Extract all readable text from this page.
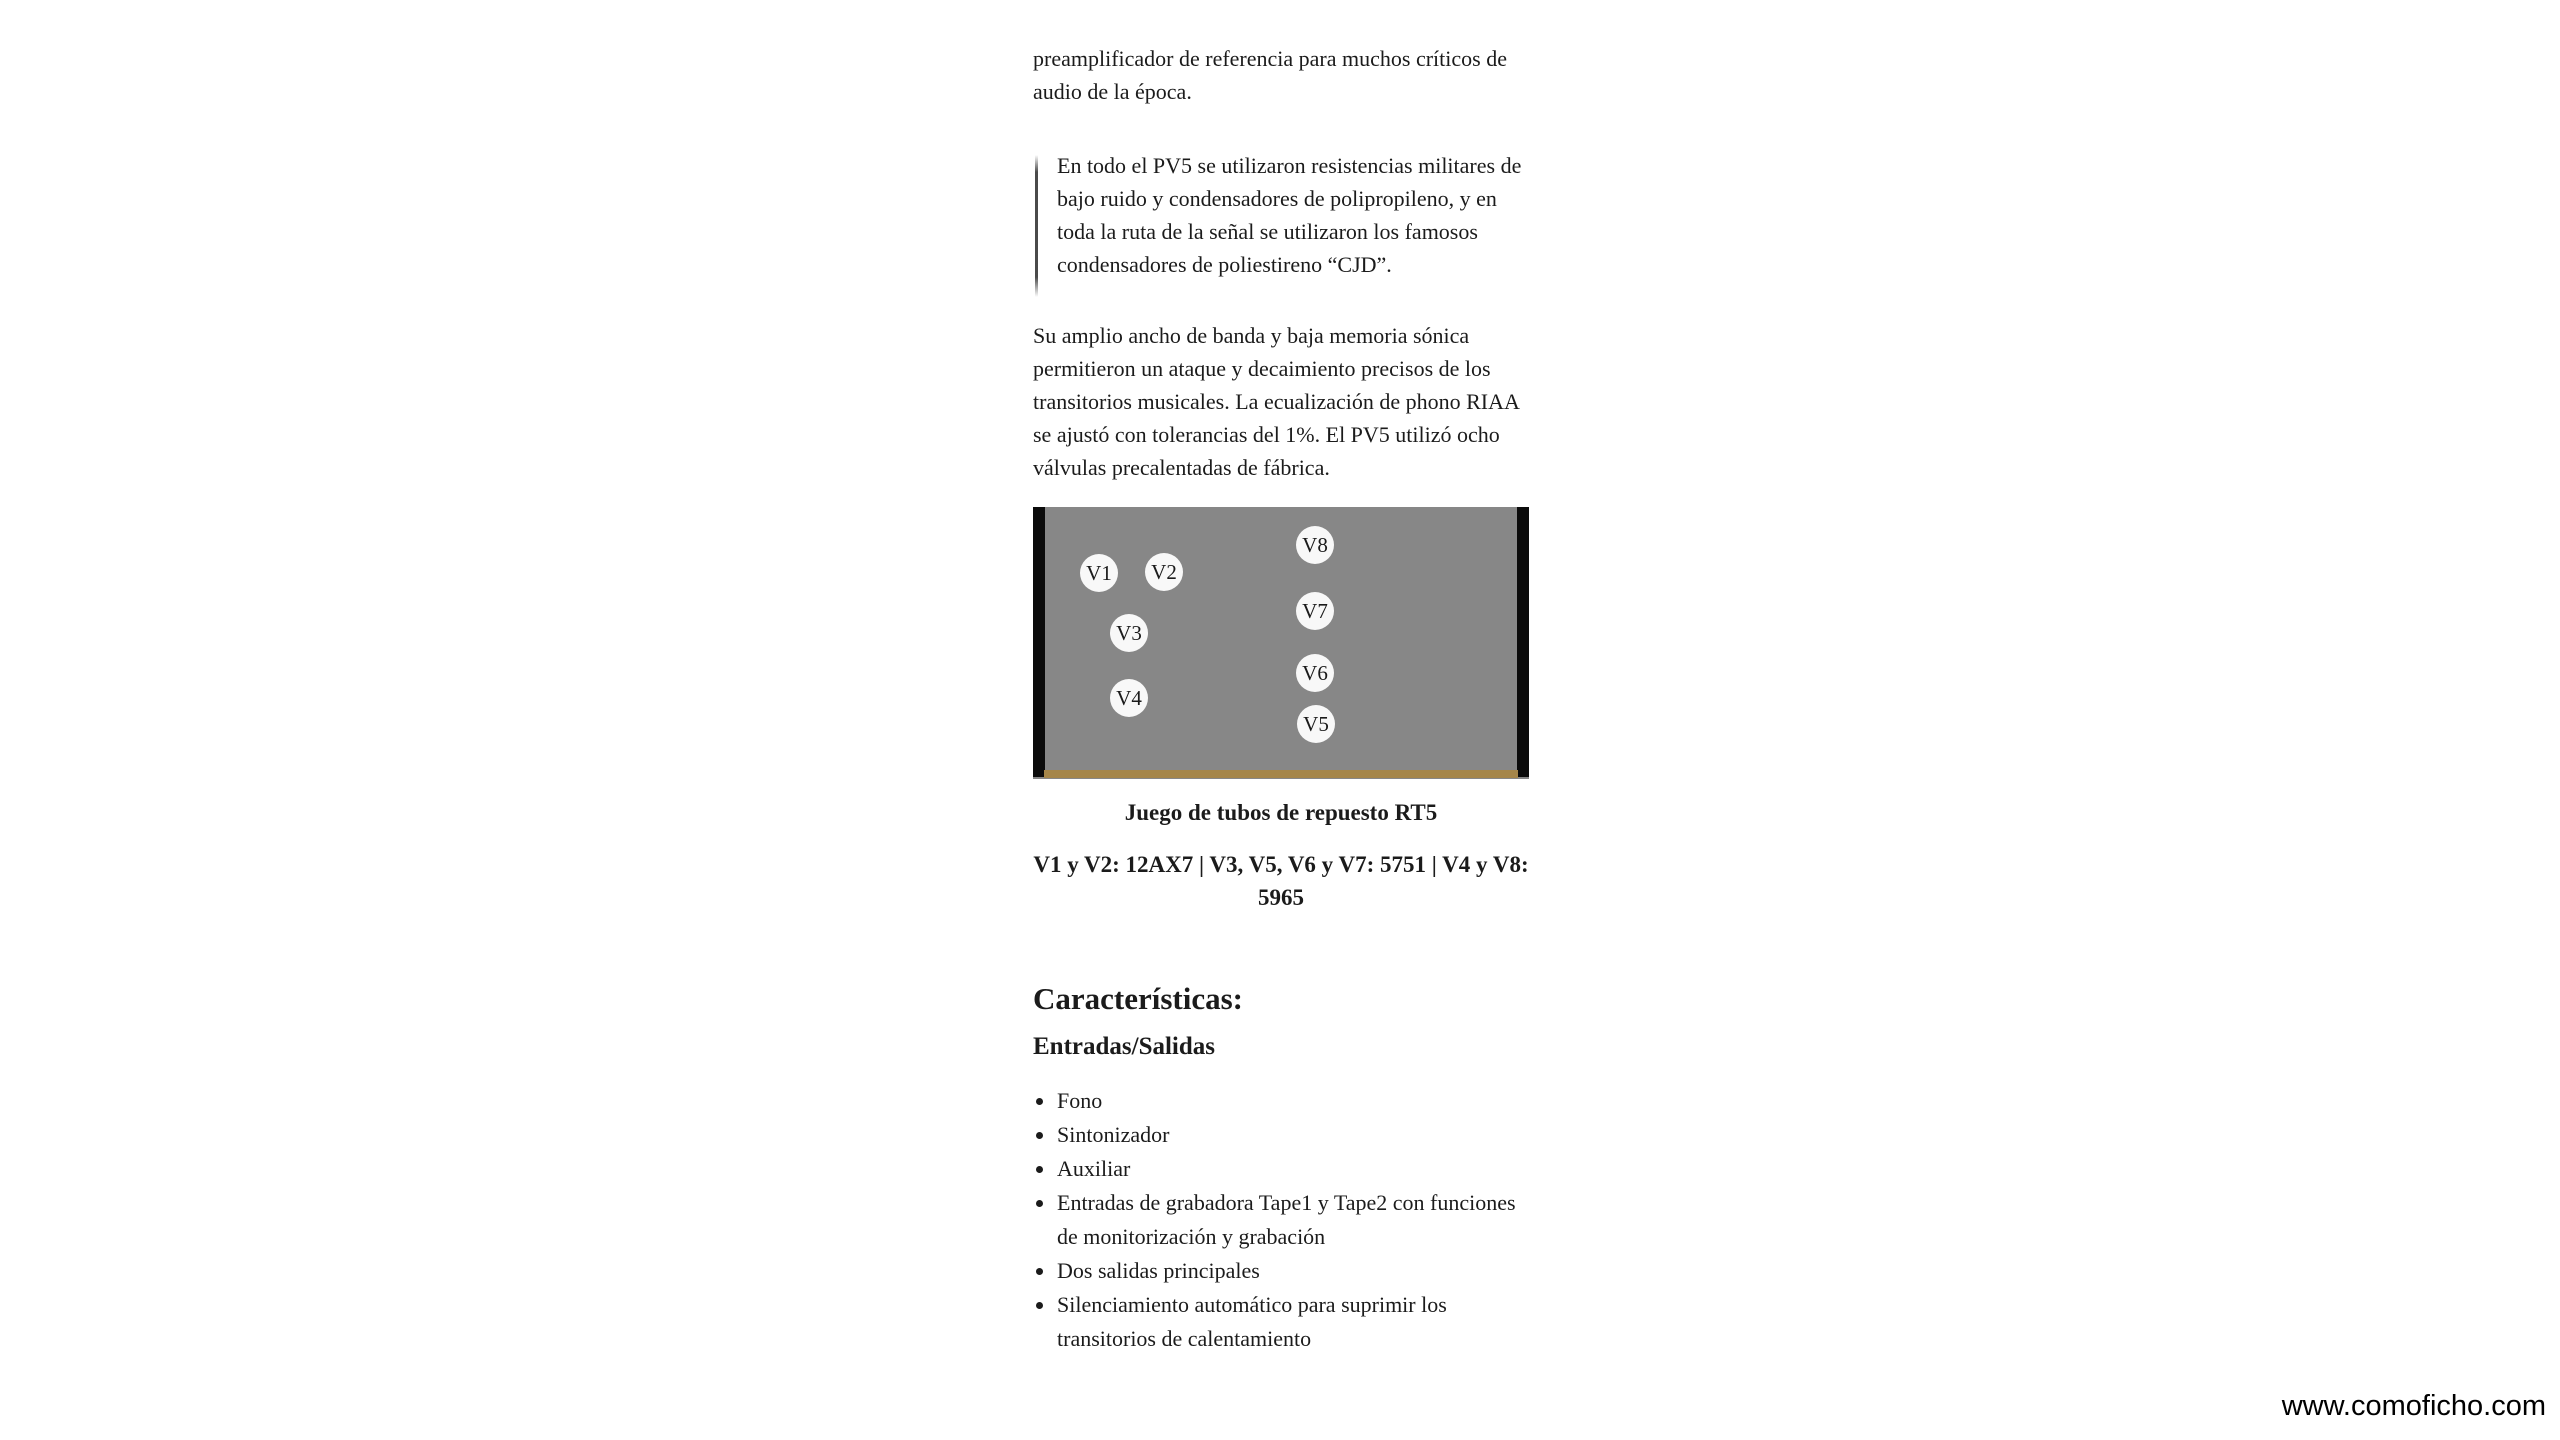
preamplificador de referencia para muchos críticos de audio de la época.

En todo el PV5 se utilizaron resistencias militares de bajo ruido y condensadores de polipropileno, y en toda la ruta de la señal se utilizaron los famosos condensadores de poliestireno “CJD”.

Su amplio ancho de banda y baja memoria sónica permitieron un ataque y decaimiento precisos de los transitorios musicales. La ecualización de phono RIAA se ajustó con tolerancias del 1%. El PV5 utilizó ocho válvulas precalentadas de fábrica.

V1 V2
V3
V4
V5
V6
V7
V8
Juego de tubos de repuesto RT5
V1 y V2: 12AX7 | V3, V5, V6 y V7: 5751 | V4 y V8:
5965
Características:
Entradas/Salidas
Fono
Sintonizador
Auxiliar
Entradas de grabadora Tape1 y Tape2 con funciones de monitorización y grabación
Dos salidas principales
Silenciamiento automático para suprimir los transitorios de calentamiento
www.comoficho.com
